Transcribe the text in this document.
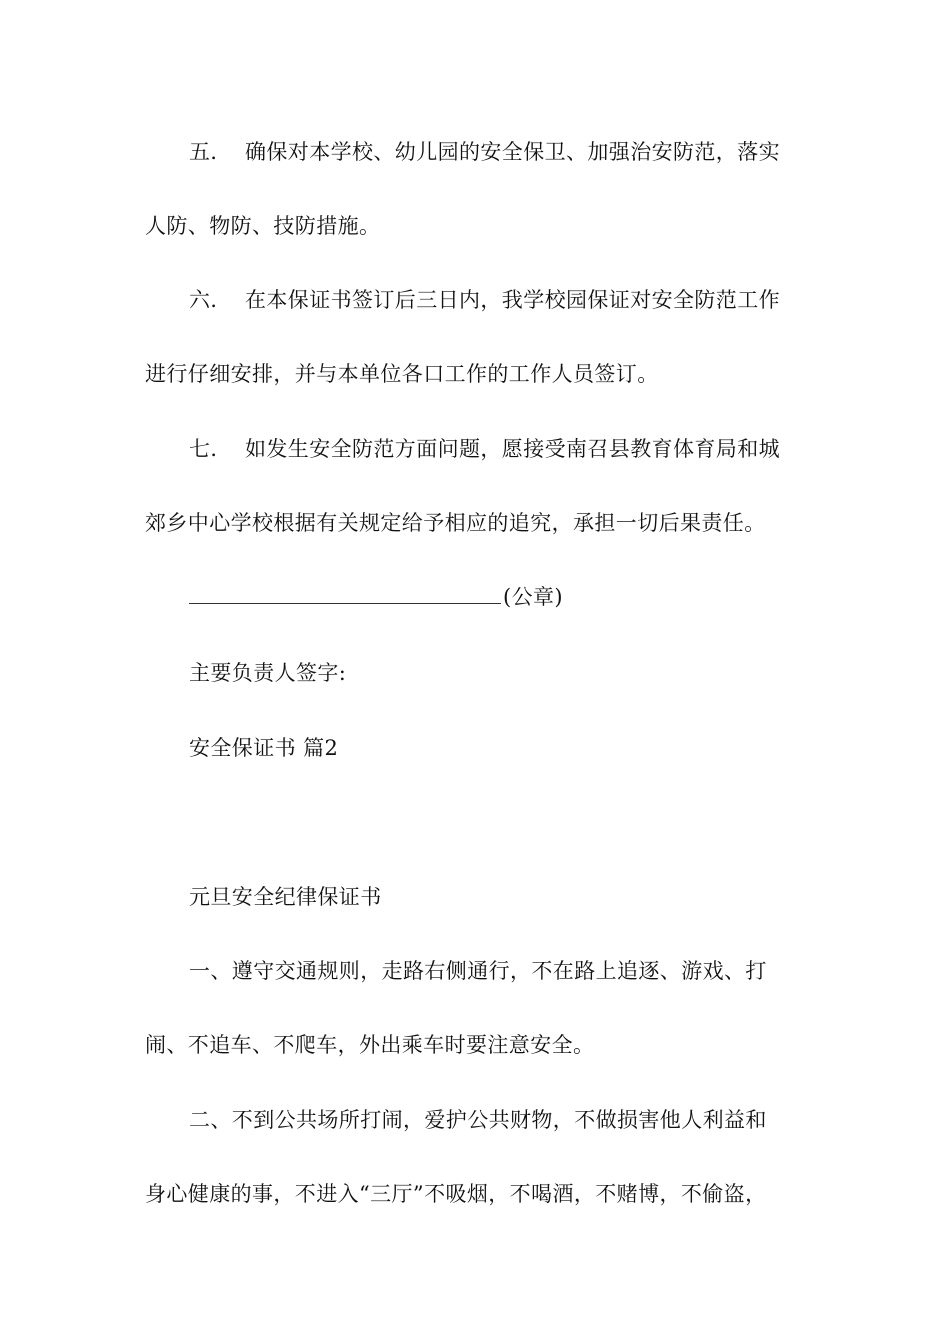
五． 确保对本学校、幼儿园的安全保卫、加强治安防范，落实
人防、物防、技防措施。
六． 在本保证书签订后三日内，我学校园保证对安全防范工作
进行仔细安排，并与本单位各口工作的工作人员签订。
七． 如发生安全防范方面问题，愿接受南召县教育体育局和城
郊乡中心学校根据有关规定给予相应的追究，承担一切后果责任。
(公章)
主要负责人签字:
安全保证书 篇2
元旦安全纪律保证书
一、遵守交通规则，走路右侧通行，不在路上追逐、游戏、打
闹、不追车、不爬车，外出乘车时要注意安全。
二、不到公共场所打闹，爱护公共财物，不做损害他人利益和
身心健康的事，不进入“三厅”不吸烟，不喝酒，不赌博，不偷盗，
